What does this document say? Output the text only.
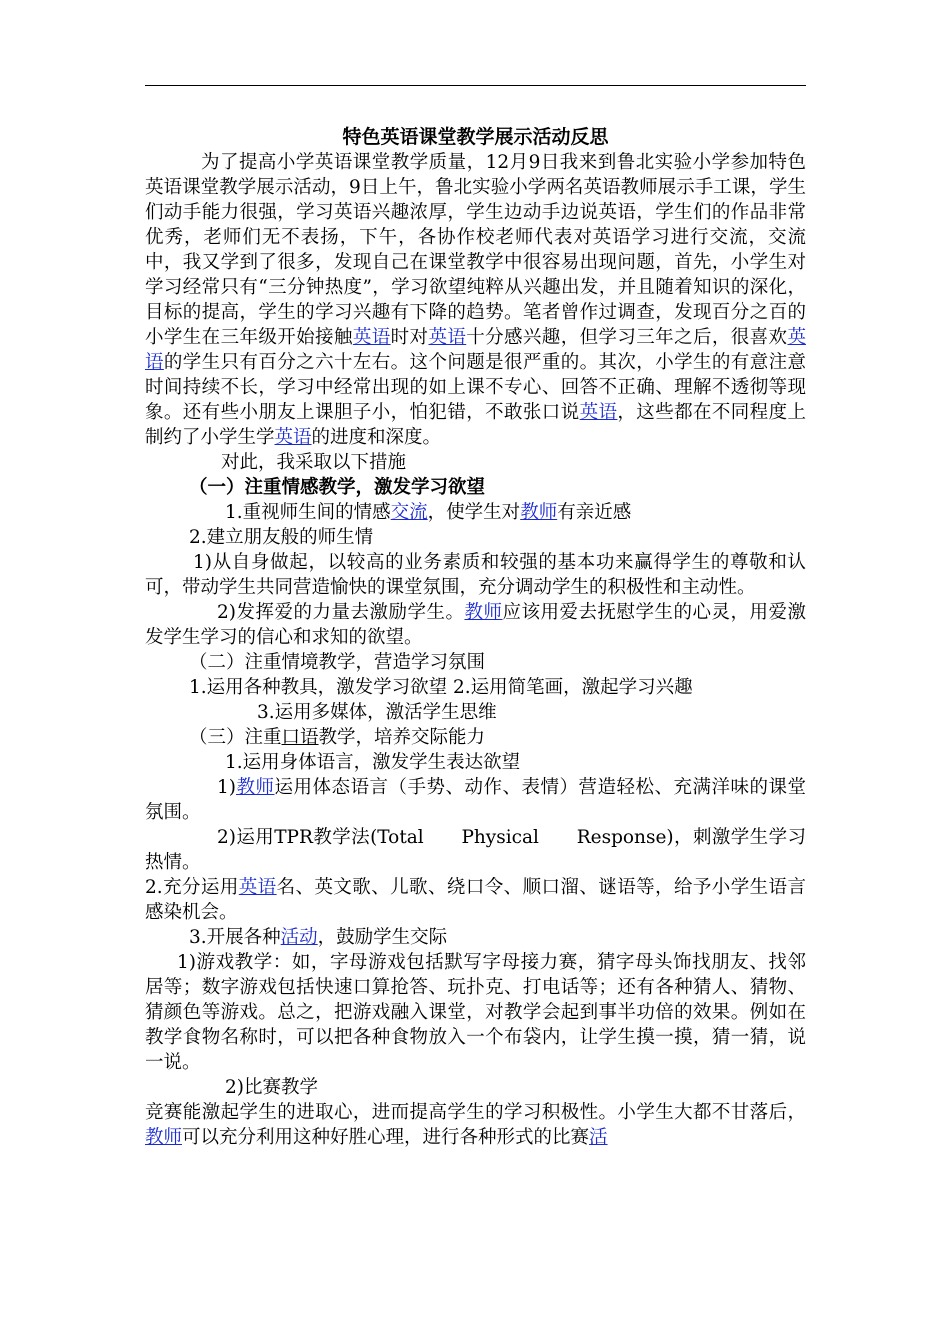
特色英语课堂教学展示活动反思

为了提高小学英语课堂教学质量，12月9日我来到鲁北实验小学参加特色英语课堂教学展示活动，9日上午，鲁北实验小学两名英语教师展示手工课，学生们动手能力很强，学习英语兴趣浓厚，学生边动手边说英语，学生们的作品非常优秀，老师们无不表扬，下午，各协作校老师代表对英语学习进行交流，交流中，我又学到了很多，发现自己在课堂教学中很容易出现问题，首先，小学生对学习经常只有“三分钟热度”，学习欲望纯粹从兴趣出发，并且随着知识的深化，目标的提高，学生的学习兴趣有下降的趋势。笔者曾作过调查，发现百分之百的小学生在三年级开始接触英语时对英语十分感兴趣，但学习三年之后，很喜欢英语的学生只有百分之六十左右。这个问题是很严重的。其次，小学生的有意注意时间持续不长，学习中经常出现的如上课不专心、回答不正确、理解不透彻等现象。还有些小朋友上课胆子小，怕犯错，不敢张口说英语，这些都在不同程度上制约了小学生学英语的进度和深度。

对此，我采取以下措施

（一）注重情感教学，激发学习欲望

1.重视师生间的情感交流，使学生对教师有亲近感

2.建立朋友般的师生情

1)从自身做起，以较高的业务素质和较强的基本功来赢得学生的尊敬和认可，带动学生共同营造愉快的课堂氛围，充分调动学生的积极性和主动性。

2)发挥爱的力量去激励学生。教师应该用爱去抚慰学生的心灵，用爱激发学生学习的信心和求知的欲望。

（二）注重情境教学，营造学习氛围

1.运用各种教具，激发学习欲望 2.运用简笔画，激起学习兴趣

3.运用多媒体，激活学生思维

（三）注重口语教学，培养交际能力

1.运用身体语言，激发学生表达欲望

1)教师运用体态语言（手势、动作、表情）营造轻松、充满洋味的课堂氛围。

2)运用TPR教学法(Total      Physical      Response)，刺激学生学习热情。

2.充分运用英语名、英文歌、儿歌、绕口令、顺口溜、谜语等，给予小学生语言感染机会。

3.开展各种活动，鼓励学生交际

1)游戏教学：如，字母游戏包括默写字母接力赛，猜字母头饰找朋友、找邻居等；数字游戏包括快速口算抢答、玩扑克、打电话等；还有各种猜人、猜物、猜颜色等游戏。总之，把游戏融入课堂，对教学会起到事半功倍的效果。例如在教学食物名称时，可以把各种食物放入一个布袋内，让学生摸一摸，猜一猜，说一说。

2)比赛教学

竞赛能激起学生的进取心，进而提高学生的学习积极性。小学生大都不甘落后，教师可以充分利用这种好胜心理，进行各种形式的比赛活
